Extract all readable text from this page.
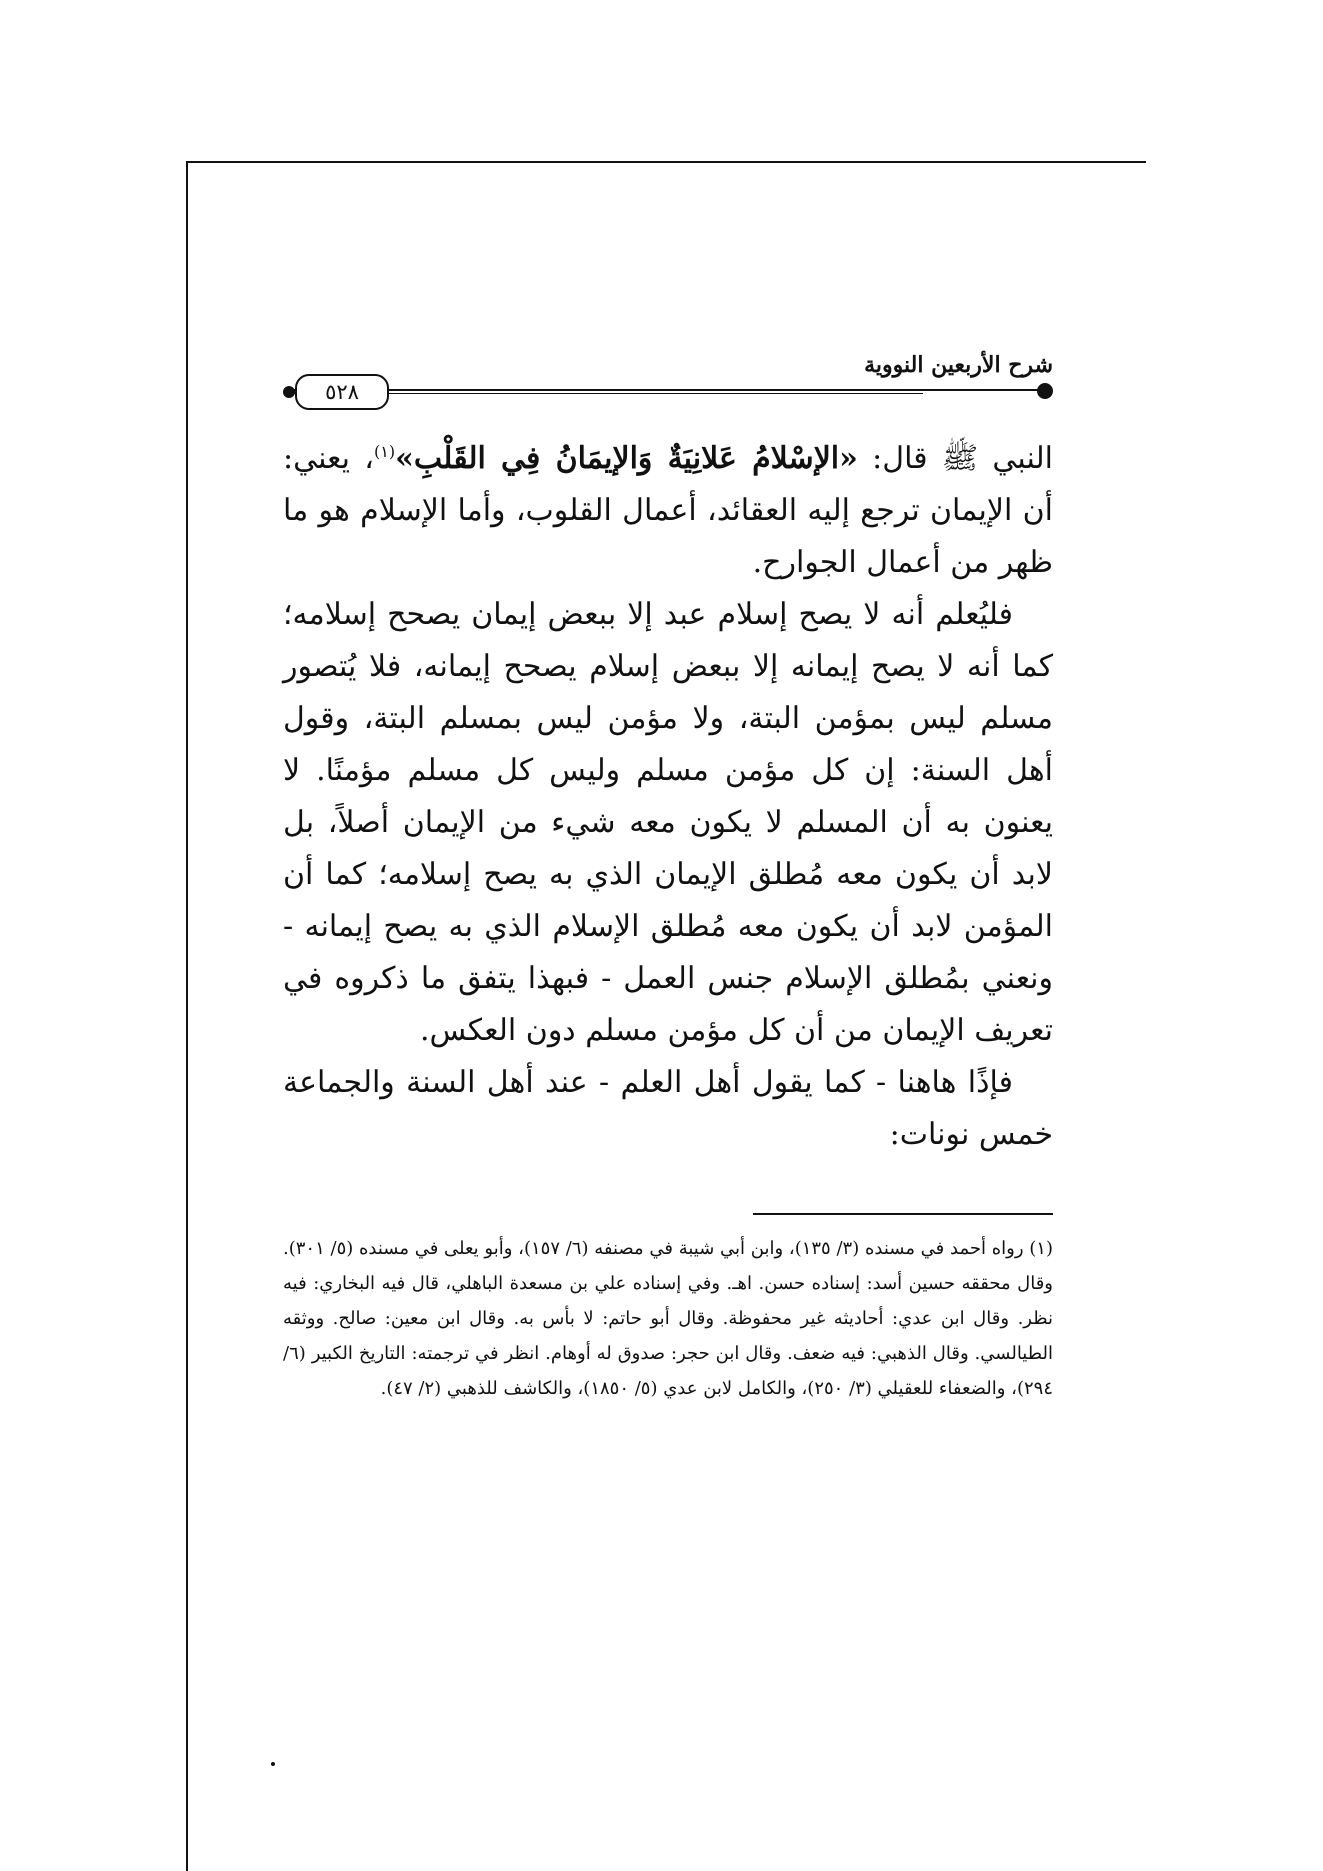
شرح الأربعين النووية
٥٢٨

النبي ﷺ قال: «الإسْلامُ عَلانِيَةٌ وَالإيمَانُ فِي القَلْبِ»$^{(١)}$، يعني: أن الإيمان ترجع إليه العقائد، أعمال القلوب، وأما الإسلام هو ما ظهر من أعمال الجوارح.

فليُعلم أنه لا يصح إسلام عبد إلا ببعض إيمان يصحح إسلامه؛ كما أنه لا يصح إيمانه إلا ببعض إسلام يصحح إيمانه، فلا يُتصور مسلم ليس بمؤمن البتة، ولا مؤمن ليس بمسلم البتة، وقول أهل السنة: إن كل مؤمن مسلم وليس كل مسلم مؤمنًا. لا يعنون به أن المسلم لا يكون معه شيء من الإيمان أصلاً، بل لابد أن يكون معه مُطلق الإيمان الذي به يصح إسلامه؛ كما أن المؤمن لابد أن يكون معه مُطلق الإسلام الذي به يصح إيمانه - ونعني بمُطلق الإسلام جنس العمل - فبهذا يتفق ما ذكروه في تعريف الإيمان من أن كل مؤمن مسلم دون العكس.

فإذًا هاهنا - كما يقول أهل العلم - عند أهل السنة والجماعة خمس نونات:

(١) رواه أحمد في مسنده (٣/ ١٣٥)، وابن أبي شيبة في مصنفه (٦/ ١٥٧)، وأبو يعلى في مسنده (٥/ ٣٠١). وقال محققه حسين أسد: إسناده حسن. اهـ. وفي إسناده علي بن مسعدة الباهلي، قال فيه البخاري: فيه نظر. وقال ابن عدي: أحاديثه غير محفوظة. وقال أبو حاتم: لا بأس به. وقال ابن معين: صالح. ووثقه الطيالسي. وقال الذهبي: فيه ضعف. وقال ابن حجر: صدوق له أوهام. انظر في ترجمته: التاريخ الكبير (٦/ ٢٩٤)، والضعفاء للعقيلي (٣/ ٢٥٠)، والكامل لابن عدي (٥/ ١٨٥٠)، والكاشف للذهبي (٢/ ٤٧).
